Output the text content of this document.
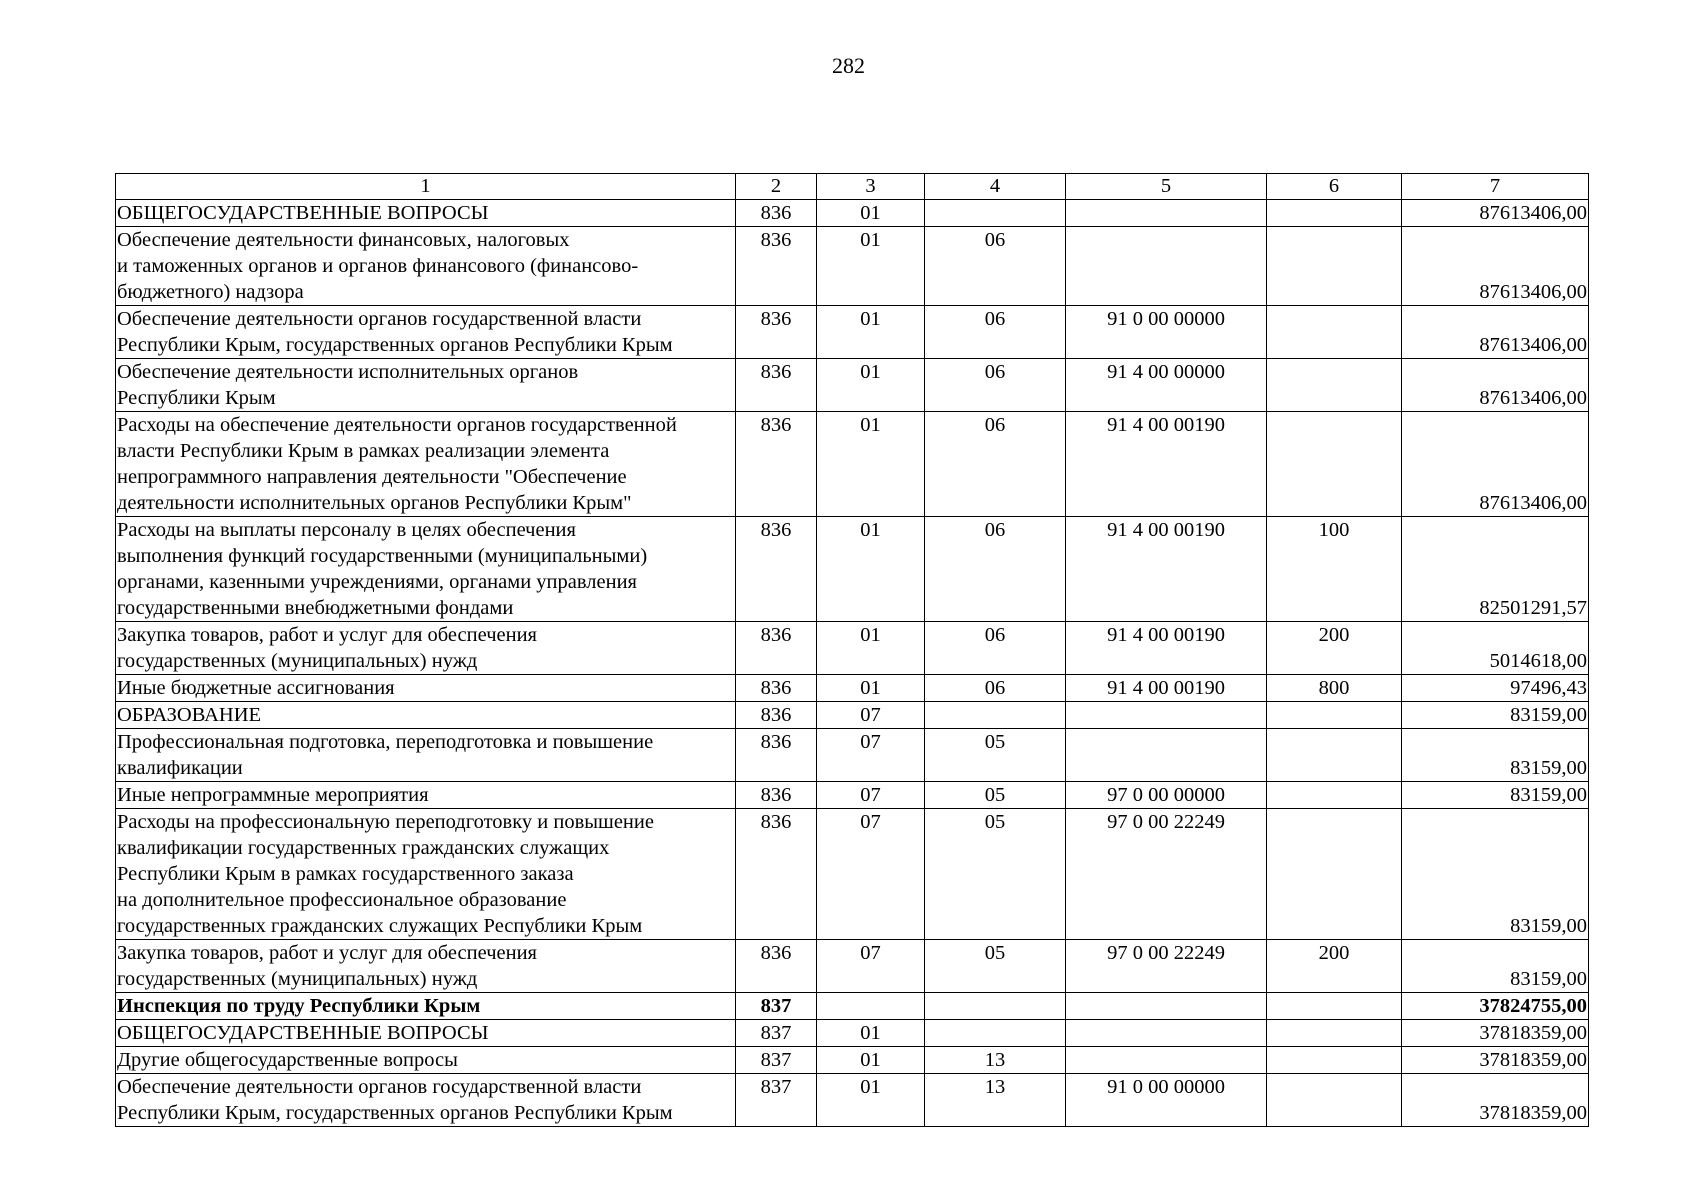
282
1	2	3	4	5	6	7
ОБЩЕГОСУДАРСТВЕННЫЕ ВОПРОСЫ	836	01				87613406,00
Обеспечение деятельности финансовых, налоговых
и таможенных органов и органов финансового (финансово-
бюджетного) надзора	836	01	06			87613406,00
Обеспечение деятельности органов государственной власти
Республики Крым, государственных органов Республики Крым	836	01	06	91 0 00 00000		87613406,00
Обеспечение деятельности исполнительных органов
Республики Крым	836	01	06	91 4 00 00000		87613406,00
Расходы на обеспечение деятельности органов государственной
власти Республики Крым в рамках реализации элемента
непрограммного направления деятельности "Обеспечение
деятельности исполнительных органов Республики Крым"	836	01	06	91 4 00 00190		87613406,00
Расходы на выплаты персоналу в целях обеспечения
выполнения функций государственными (муниципальными)
органами, казенными учреждениями, органами управления
государственными внебюджетными фондами	836	01	06	91 4 00 00190	100	82501291,57
Закупка товаров, работ и услуг для обеспечения
государственных (муниципальных) нужд	836	01	06	91 4 00 00190	200	5014618,00
Иные бюджетные ассигнования	836	01	06	91 4 00 00190	800	97496,43
ОБРАЗОВАНИЕ	836	07				83159,00
Профессиональная подготовка, переподготовка и повышение
квалификации	836	07	05			83159,00
Иные непрограммные мероприятия	836	07	05	97 0 00 00000		83159,00
Расходы на профессиональную переподготовку и повышение
квалификации государственных гражданских служащих
Республики Крым в рамках государственного заказа
на дополнительное профессиональное образование
государственных гражданских служащих Республики Крым	836	07	05	97 0 00 22249		83159,00
Закупка товаров, работ и услуг для обеспечения
государственных (муниципальных) нужд	836	07	05	97 0 00 22249	200	83159,00
Инспекция по труду Республики Крым	837					37824755,00
ОБЩЕГОСУДАРСТВЕННЫЕ ВОПРОСЫ	837	01				37818359,00
Другие общегосударственные вопросы	837	01	13			37818359,00
Обеспечение деятельности органов государственной власти
Республики Крым, государственных органов Республики Крым	837	01	13	91 0 00 00000		37818359,00
